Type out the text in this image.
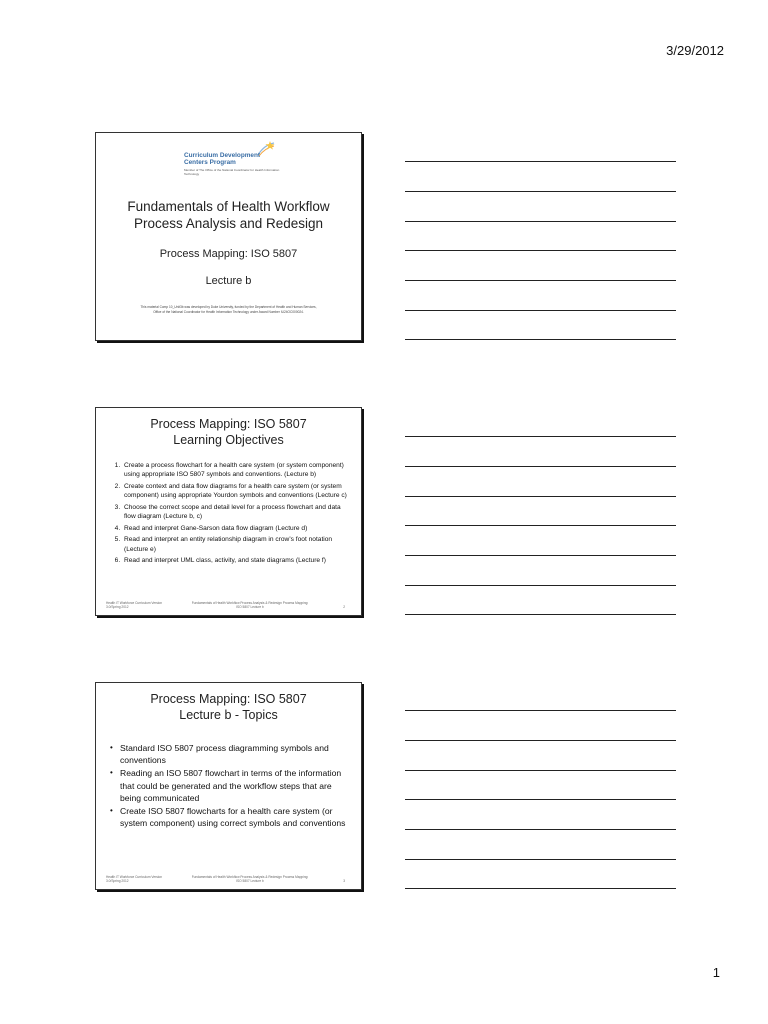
3/29/2012
Curriculum Development
Centers Program
Member of The Office of the National Coordinator for Health Information Technology
Fundamentals of Health Workflow
Process Analysis and Redesign
Process Mapping: ISO 5807
Lecture b
This material Comp 10_Unit3b was developed by Duke University, funded by the Department of Health and Human Services,
Office of the National Coordinator for Health Information Technology under Award Number IU24OC000024.
Process Mapping: ISO 5807
Learning Objectives
1. Create a process flowchart for a health care system (or system component) using appropriate ISO 5807 symbols and conventions. (Lecture b)
2. Create context and data flow diagrams for a health care system (or system component) using appropriate Yourdon symbols and conventions (Lecture c)
3. Choose the correct scope and detail level for a process flowchart and data flow diagram (Lecture b, c)
4. Read and interpret Gane-Sarson data flow diagram (Lecture d)
5. Read and interpret an entity relationship diagram in crow’s foot notation (Lecture e)
6. Read and interpret UML class, activity, and state diagrams (Lecture f)
Health IT Workforce Curriculum Version 3.0/Spring 2012
Fundamentals of Health Workflow Process Analysis & Redesign Process Mapping: ISO 5807 Lecture b	2
Process Mapping: ISO 5807
Lecture b - Topics
• Standard ISO 5807 process diagramming symbols and conventions
• Reading an ISO 5807 flowchart in terms of the information that could be generated and the workflow steps that are being communicated
• Create ISO 5807 flowcharts for a health care system (or system component) using correct symbols and conventions
Health IT Workforce Curriculum Version 3.0/Spring 2012
Fundamentals of Health Workflow Process Analysis & Redesign Process Mapping: ISO 5807 Lecture b	3
1
